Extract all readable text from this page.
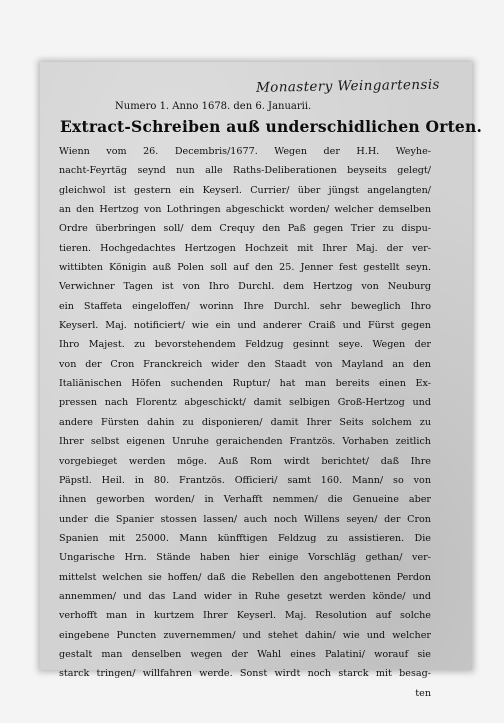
Monastery Weingartensis
Numero 1. Anno 1678. den 6. Januarii.
Extract-Schreiben auß underschidlichen Orten.
Wienn vom 26. Decembris/1677. Wegen der H.H. Weyhe-
nacht-Feyrtäg seynd nun alle Raths-Deliberationen beyseits gelegt/
gleichwol ist gestern ein Keyserl. Currier/ über jüngst angelangten/
an den Hertzog von Lothringen abgeschickt worden/ welcher demselben
Ordre überbringen soll/ dem Crequy den Paß gegen Trier zu dispu-
tieren. Hochgedachtes Hertzogen Hochzeit mit Ihrer Maj. der ver-
wittibten Königin auß Polen soll auf den 25. Jenner fest gestellt seyn.
Verwichner Tagen ist von Ihro Durchl. dem Hertzog von Neuburg
ein Staffeta eingeloffen/ worinn Ihre Durchl. sehr beweglich Ihro
Keyserl. Maj. notificiert/ wie ein und anderer Craiß und Fürst gegen
Ihro Majest. zu bevorstehendem Feldzug gesinnt seye. Wegen der
von der Cron Franckreich wider den Staadt von Mayland an den
Italiänischen Höfen suchenden Ruptur/ hat man bereits einen Ex-
pressen nach Florentz abgeschickt/ damit selbigen Groß-Hertzog und
andere Fürsten dahin zu disponieren/ damit Ihrer Seits solchem zu
Ihrer selbst eigenen Unruhe geraichenden Frantzös. Vorhaben zeitlich
vorgebieget werden möge. Auß Rom wirdt berichtet/ daß Ihre
Päpstl. Heil. in 80. Frantzös. Officieri/ samt 160. Mann/ so von
ihnen geworben worden/ in Verhafft nemmen/ die Genueine aber
under die Spanier stossen lassen/ auch noch Willens seyen/ der Cron
Spanien mit 25000. Mann künfftigen Feldzug zu assistieren. Die
Ungarische Hrn. Stände haben hier einige Vorschläg gethan/ ver-
mittelst welchen sie hoffen/ daß die Rebellen den angebottenen Perdon
annemmen/ und das Land wider in Ruhe gesetzt werden könde/ und
verhofft man in kurtzem Ihrer Keyserl. Maj. Resolution auf solche
eingebene Puncten zuvernemmen/ und stehet dahin/ wie und welcher
gestalt man denselben wegen der Wahl eines Palatini/ worauf sie
starck tringen/ willfahren werde. Sonst wirdt noch starck mit besag-
ten
